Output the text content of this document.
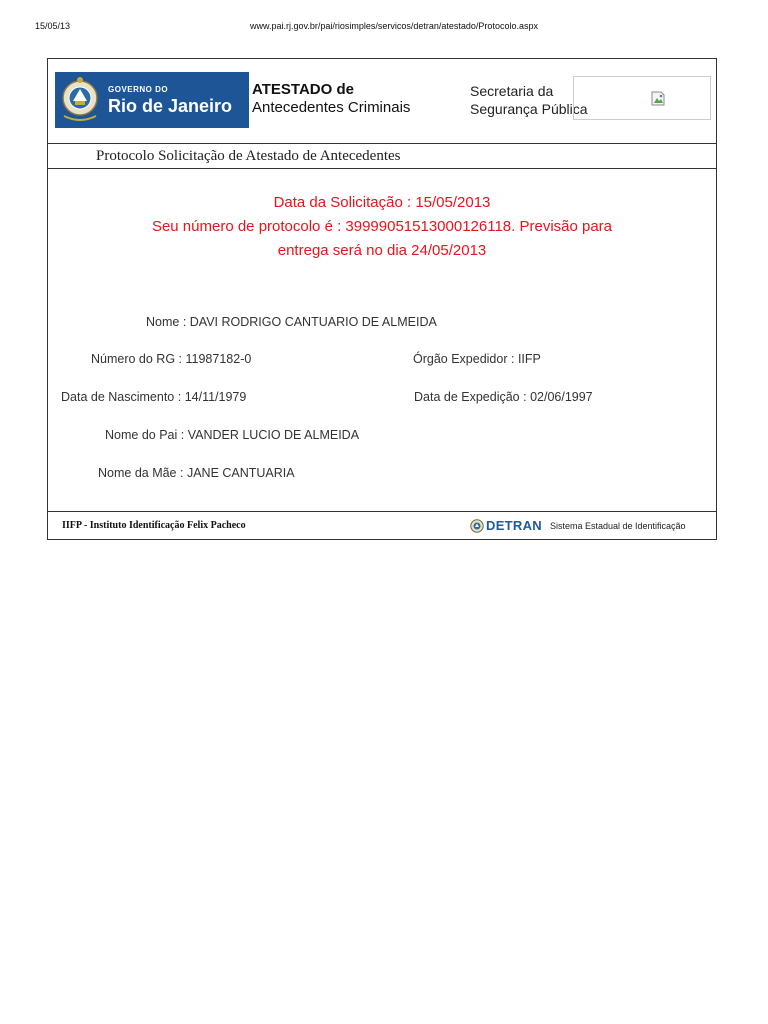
15/05/13	www.pai.rj.gov.br/pai/riosimples/servicos/detran/atestado/Protocolo.aspx
GOVERNO DO
Rio de Janeiro
ATESTADO de
Antecedentes Criminais
Secretaria da
Segurança Pública
Protocolo Solicitação de Atestado de Antecedentes
Data da Solicitação : 15/05/2013
Seu número de protocolo é : 39999051513000126118. Previsão para
entrega será no dia 24/05/2013
Nome : DAVI RODRIGO CANTUARIO DE ALMEIDA
Número do RG : 11987182-0	Órgão Expedidor : IIFP
Data de Nascimento : 14/11/1979	Data de Expedição : 02/06/1997
Nome do Pai : VANDER LUCIO DE ALMEIDA
Nome da Mãe : JANE CANTUARIA
IIFP - Instituto Identificação Felix Pacheco	DETRAN Sistema Estadual de Identificação
